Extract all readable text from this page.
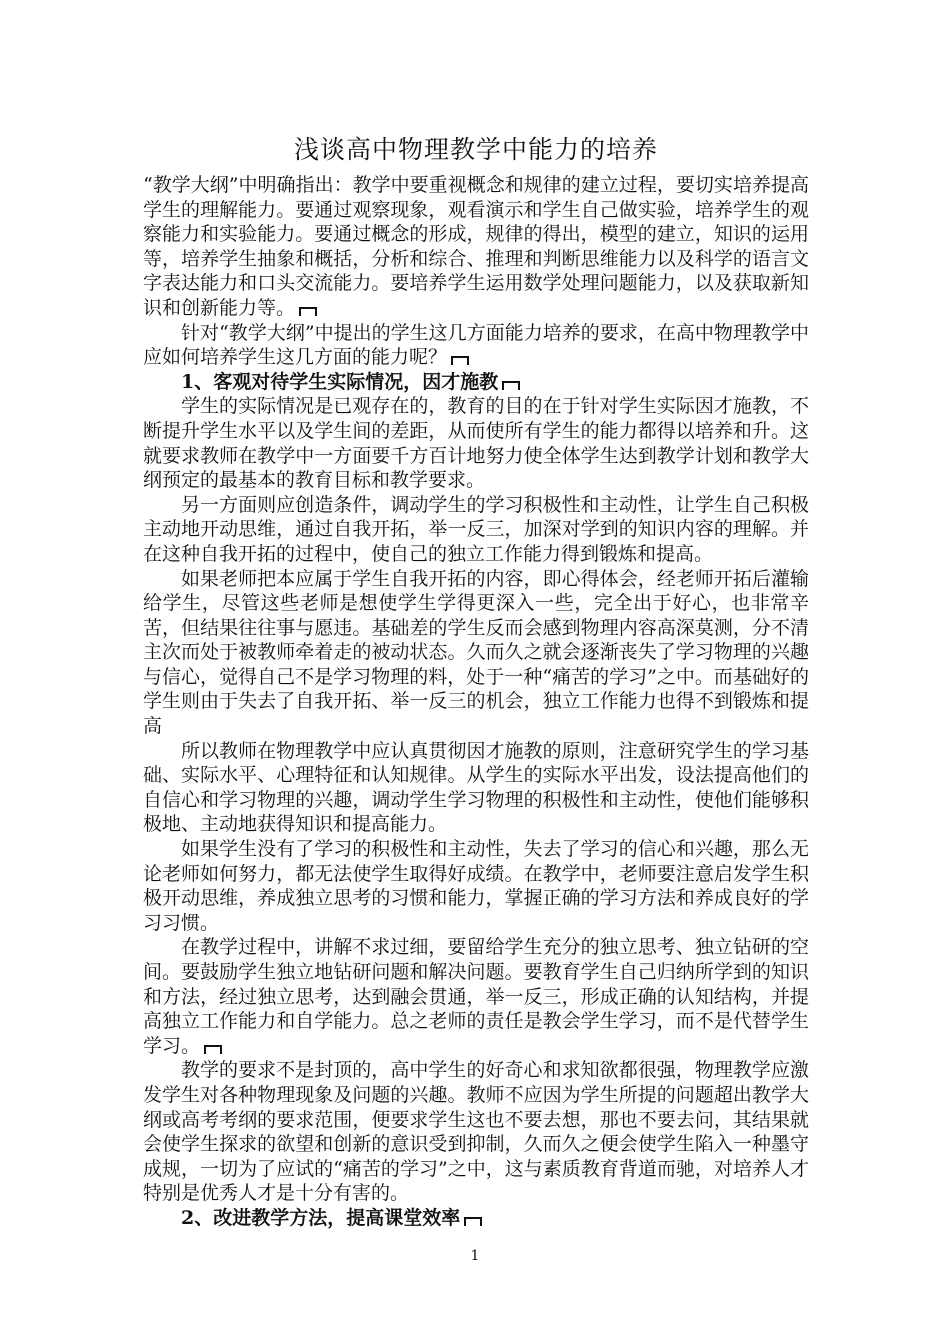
浅谈高中物理教学中能力的培养

“教学大纲”中明确指出：教学中要重视概念和规律的建立过程，要切实培养提高学生的理解能力。要通过观察现象，观看演示和学生自己做实验，培养学生的观察能力和实验能力。要通过概念的形成，规律的得出，模型的建立，知识的运用等，培养学生抽象和概括，分析和综合、推理和判断思维能力以及科学的语言文字表达能力和口头交流能力。要培养学生运用数学处理问题能力，以及获取新知识和创新能力等。

针对“教学大纲”中提出的学生这几方面能力培养的要求，在高中物理教学中应如何培养学生这几方面的能力呢？

1、客观对待学生实际情况，因才施教

学生的实际情况是已观存在的，教育的目的在于针对学生实际因才施教，不断提升学生水平以及学生间的差距，从而使所有学生的能力都得以培养和升。这就要求教师在教学中一方面要千方百计地努力使全体学生达到教学计划和教学大纲预定的最基本的教育目标和教学要求。

另一方面则应创造条件，调动学生的学习积极性和主动性，让学生自己积极主动地开动思维，通过自我开拓，举一反三，加深对学到的知识内容的理解。并在这种自我开拓的过程中，使自己的独立工作能力得到锻炼和提高。

如果老师把本应属于学生自我开拓的内容，即心得体会，经老师开拓后灌输给学生，尽管这些老师是想使学生学得更深入一些，完全出于好心，也非常辛苦，但结果往往事与愿违。基础差的学生反而会感到物理内容高深莫测，分不清主次而处于被教师牵着走的被动状态。久而久之就会逐渐丧失了学习物理的兴趣与信心，觉得自己不是学习物理的料，处于一种“痛苦的学习”之中。而基础好的学生则由于失去了自我开拓、举一反三的机会，独立工作能力也得不到锻炼和提高

所以教师在物理教学中应认真贯彻因才施教的原则，注意研究学生的学习基础、实际水平、心理特征和认知规律。从学生的实际水平出发，设法提高他们的自信心和学习物理的兴趣，调动学生学习物理的积极性和主动性，使他们能够积极地、主动地获得知识和提高能力。

如果学生没有了学习的积极性和主动性，失去了学习的信心和兴趣，那么无论老师如何努力，都无法使学生取得好成绩。在教学中，老师要注意启发学生积极开动思维，养成独立思考的习惯和能力，掌握正确的学习方法和养成良好的学习习惯。

在教学过程中，讲解不求过细，要留给学生充分的独立思考、独立钻研的空间。要鼓励学生独立地钻研问题和解决问题。要教育学生自己归纳所学到的知识和方法，经过独立思考，达到融会贯通，举一反三，形成正确的认知结构，并提高独立工作能力和自学能力。总之老师的责任是教会学生学习，而不是代替学生学习。

教学的要求不是封顶的，高中学生的好奇心和求知欲都很强，物理教学应激发学生对各种物理现象及问题的兴趣。教师不应因为学生所提的问题超出教学大纲或高考考纲的要求范围，便要求学生这也不要去想，那也不要去问，其结果就会使学生探求的欲望和创新的意识受到抑制，久而久之便会使学生陷入一种墨守成规，一切为了应试的“痛苦的学习”之中，这与素质教育背道而驰，对培养人才特别是优秀人才是十分有害的。

2、改进教学方法，提高课堂效率

1
